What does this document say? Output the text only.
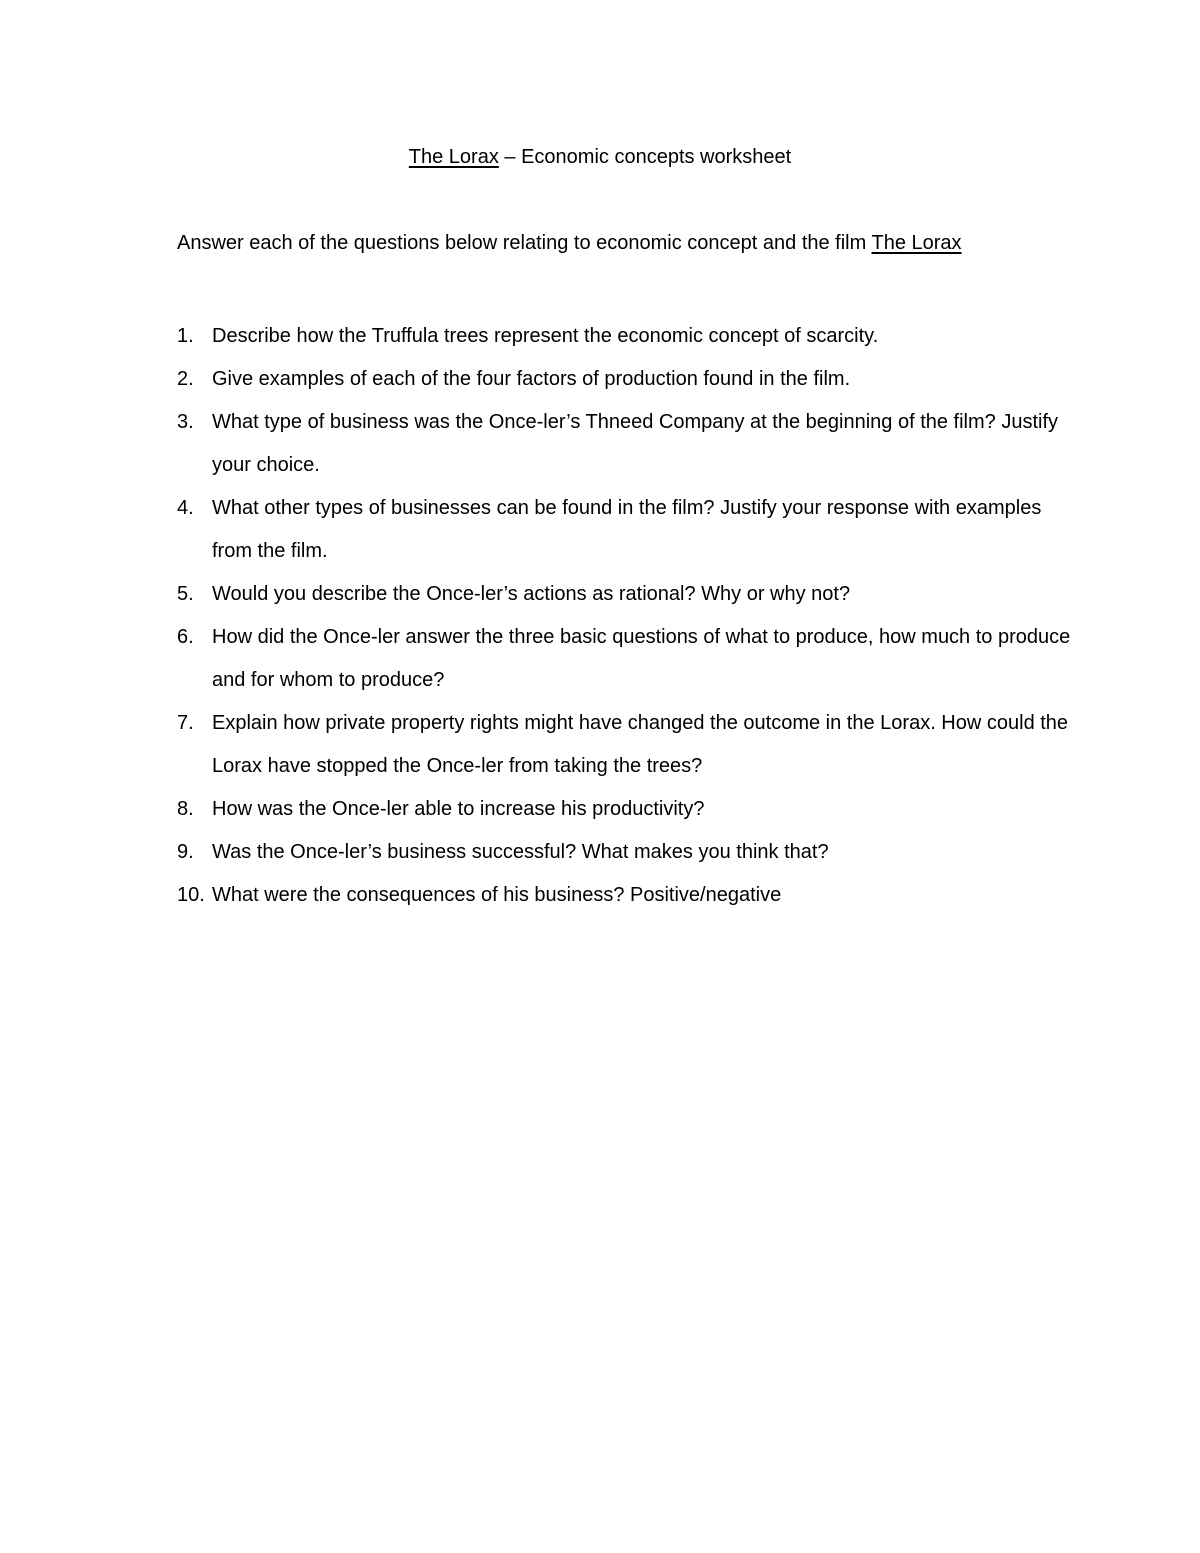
The Lorax – Economic concepts worksheet
Answer each of the questions below relating to economic concept and the film The Lorax
1. Describe how the Truffula trees represent the economic concept of scarcity.
2. Give examples of each of the four factors of production found in the film.
3. What type of business was the Once-ler’s Thneed Company at the beginning of the film? Justify your choice.
4. What other types of businesses can be found in the film? Justify your response with examples from the film.
5. Would you describe the Once-ler’s actions as rational? Why or why not?
6. How did the Once-ler answer the three basic questions of what to produce, how much to produce and for whom to produce?
7. Explain how private property rights might have changed the outcome in the Lorax. How could the Lorax have stopped the Once-ler from taking the trees?
8. How was the Once-ler able to increase his productivity?
9. Was the Once-ler’s business successful? What makes you think that?
10. What were the consequences of his business? Positive/negative
